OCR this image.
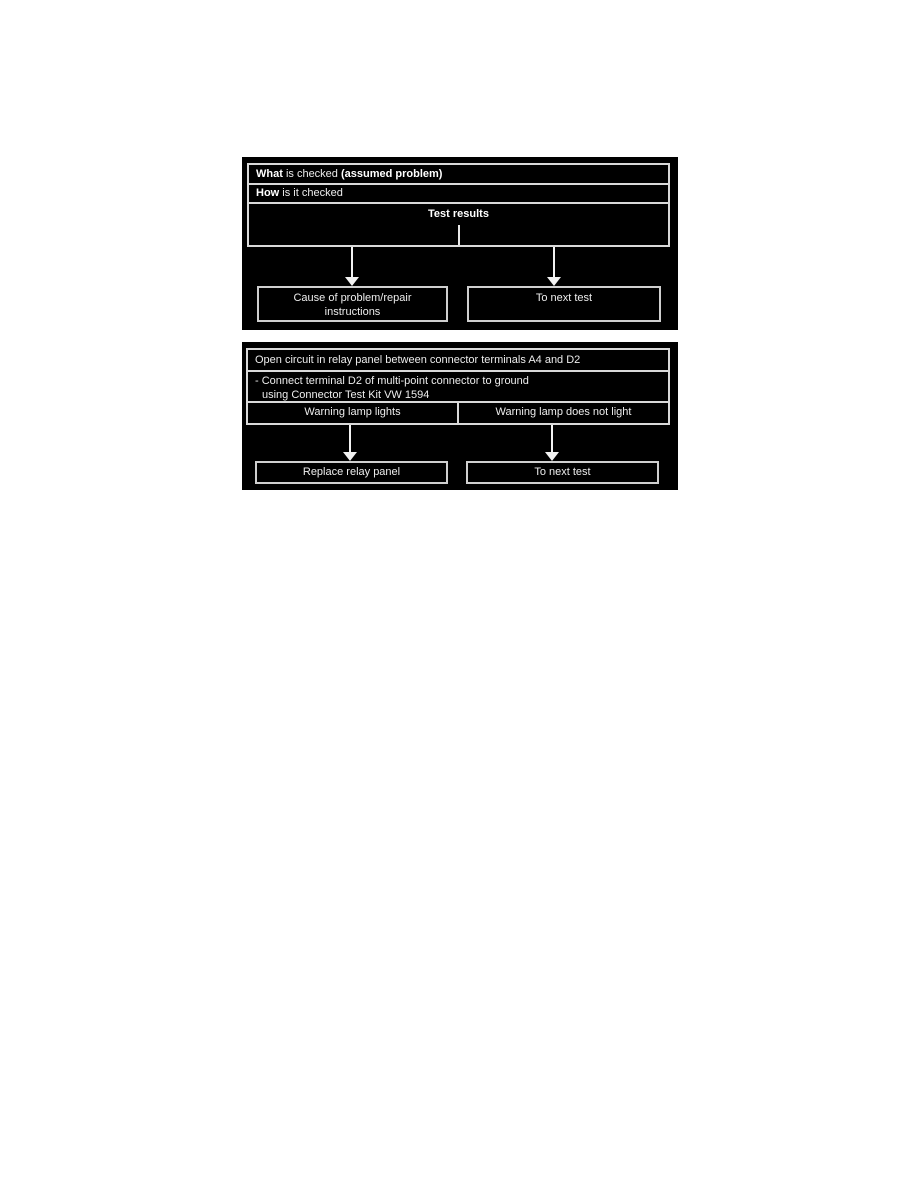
What is checked (assumed problem)
How is it checked
Test results
Cause of problem/repair
instructions
To next test
Open circuit in relay panel between connector terminals A4 and D2
- Connect terminal D2 of multi-point connector to ground
using Connector Test Kit VW 1594
Warning lamp lights	Warning lamp does not light
Replace relay panel	To next test
